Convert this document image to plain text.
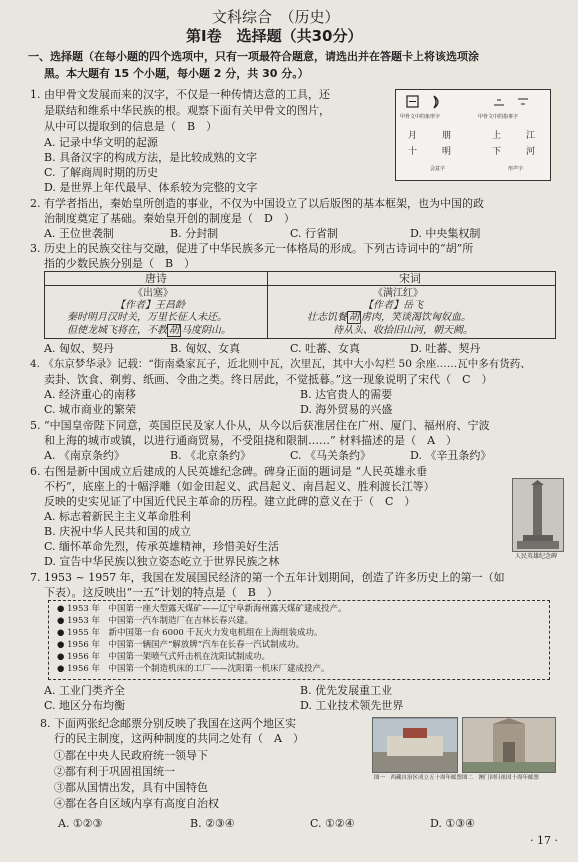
文科综合　（历史）
第Ⅰ卷　选择题（共30分）
一、选择题（在每小题的四个选项中，只有一项最符合题意，请选出并在答题卡上将该选项涂
黑。本大题有 15 个小题，每小题 2 分，共 30 分。）
1. 由甲骨文发展而来的汉字，不仅是一种传情达意的工具，还
是联结和维系中华民族的根。观察下面有关甲骨文的图片，
从中可以提取到的信息是（　B　）
A. 记录中华文明的起源
B. 具备汉字的构成方法，是比较成熟的文字
C. 了解商周时期的历史
D. 是世界上年代最早、体系较为完整的文字
甲骨文中的象形字	甲骨文中的指事字
月	朋	上	江
十	明	下	河
会意字	形声字
2. 有学者指出，秦始皇所创造的事业，不仅为中国设立了以后版图的基本框架，也为中国的政
治制度奠定了基础。秦始皇开创的制度是（　D　）
A. 王位世袭制	B. 分封制	C. 行省制	D. 中央集权制
3. 历史上的民族交往与交融，促进了中华民族多元一体格局的形成。下列古诗词中的“胡”所
指的少数民族分别是（　B　）
唐诗	宋词
《出塞》
【作者】王昌龄
秦时明月汉时关，万里长征人未还。
但使龙城飞将在，不教 胡 马度阴山。
《满江红》
【作者】岳飞
壮志饥餐 胡 虏肉，笑谈渴饮匈奴血。
待从头、收拾旧山河，朝天阙。
A. 匈奴、契丹	B. 匈奴、女真	C. 吐蕃、女真	D. 吐蕃、契丹
4. 《东京梦华录》记载：“街南桑家瓦子，近北则中瓦，次里瓦，其中大小勾栏 50 余座……瓦中多有货药、
卖卦、饮食、剃剪、纸画、令曲之类。终日居此，不觉抵暮。”这一现象说明了宋代（　C　）
A. 经济重心的南移	B. 达官贵人的需要
C. 城市商业的繁荣	D. 海外贸易的兴盛
5. “中国皇帝陛下同意，英国臣民及家人仆从，从今以后获准居住在广州、厦门、福州府、宁波
和上海的城市或镇，以进行通商贸易，不受阻挠和限制……” 材料描述的是（　A　）
A. 《南京条约》	B. 《北京条约》	C. 《马关条约》	D. 《辛丑条约》
6. 右图是新中国成立后建成的人民英雄纪念碑。碑身正面的题词是 “人民英雄永垂
不朽”，底座上的十幅浮雕（如金田起义、武昌起义、南昌起义、胜利渡长江等）
反映的史实见证了中国近代民主革命的历程。建立此碑的意义在于（　C　）
A. 标志着新民主主义革命胜利
B. 庆祝中华人民共和国的成立
C. 缅怀革命先烈，传承英雄精神，珍惜美好生活
D. 宣告中华民族以独立姿态屹立于世界民族之林	人民英雄纪念碑
7. 1953 ~ 1957 年，我国在发展国民经济的第一个五年计划期间，创造了许多历史上的第一（如
下表）。这反映出“一五”计划的特点是（　B　）
● 1953 年　中国第一座大型露天煤矿——辽宁阜新海州露天煤矿建成投产。
● 1953 年　中国第一汽车制造厂在吉林长春兴建。
● 1955 年　新中国第一台 6000 千瓦火力发电机组在上海组装成功。
● 1956 年　中国第一辆国产“解放牌”汽车在长春一汽试制成功。
● 1956 年　中国第一架喷气式歼击机在沈阳试制成功。
● 1956 年　中国第一个制造机床的工厂——沈阳第一机床厂建成投产。
A. 工业门类齐全	B. 优先发展重工业
C. 地区分布均衡	D. 工业技术领先世界
8. 下面两张纪念邮票分别反映了我国在这两个地区实
行的民主制度，这两种制度的共同之处有（　A　）
①都在中央人民政府统一领导下
②都有利于巩固祖国统一
③都从国情出发，具有中国特色
④都在各自区域内享有高度自治权
A. ①②③	B. ②③④	C. ①②④	D. ①③④
图一　西藏自治区成立五十周年邮票 图二　澳门回归祖国十周年邮票
· 17 ·
